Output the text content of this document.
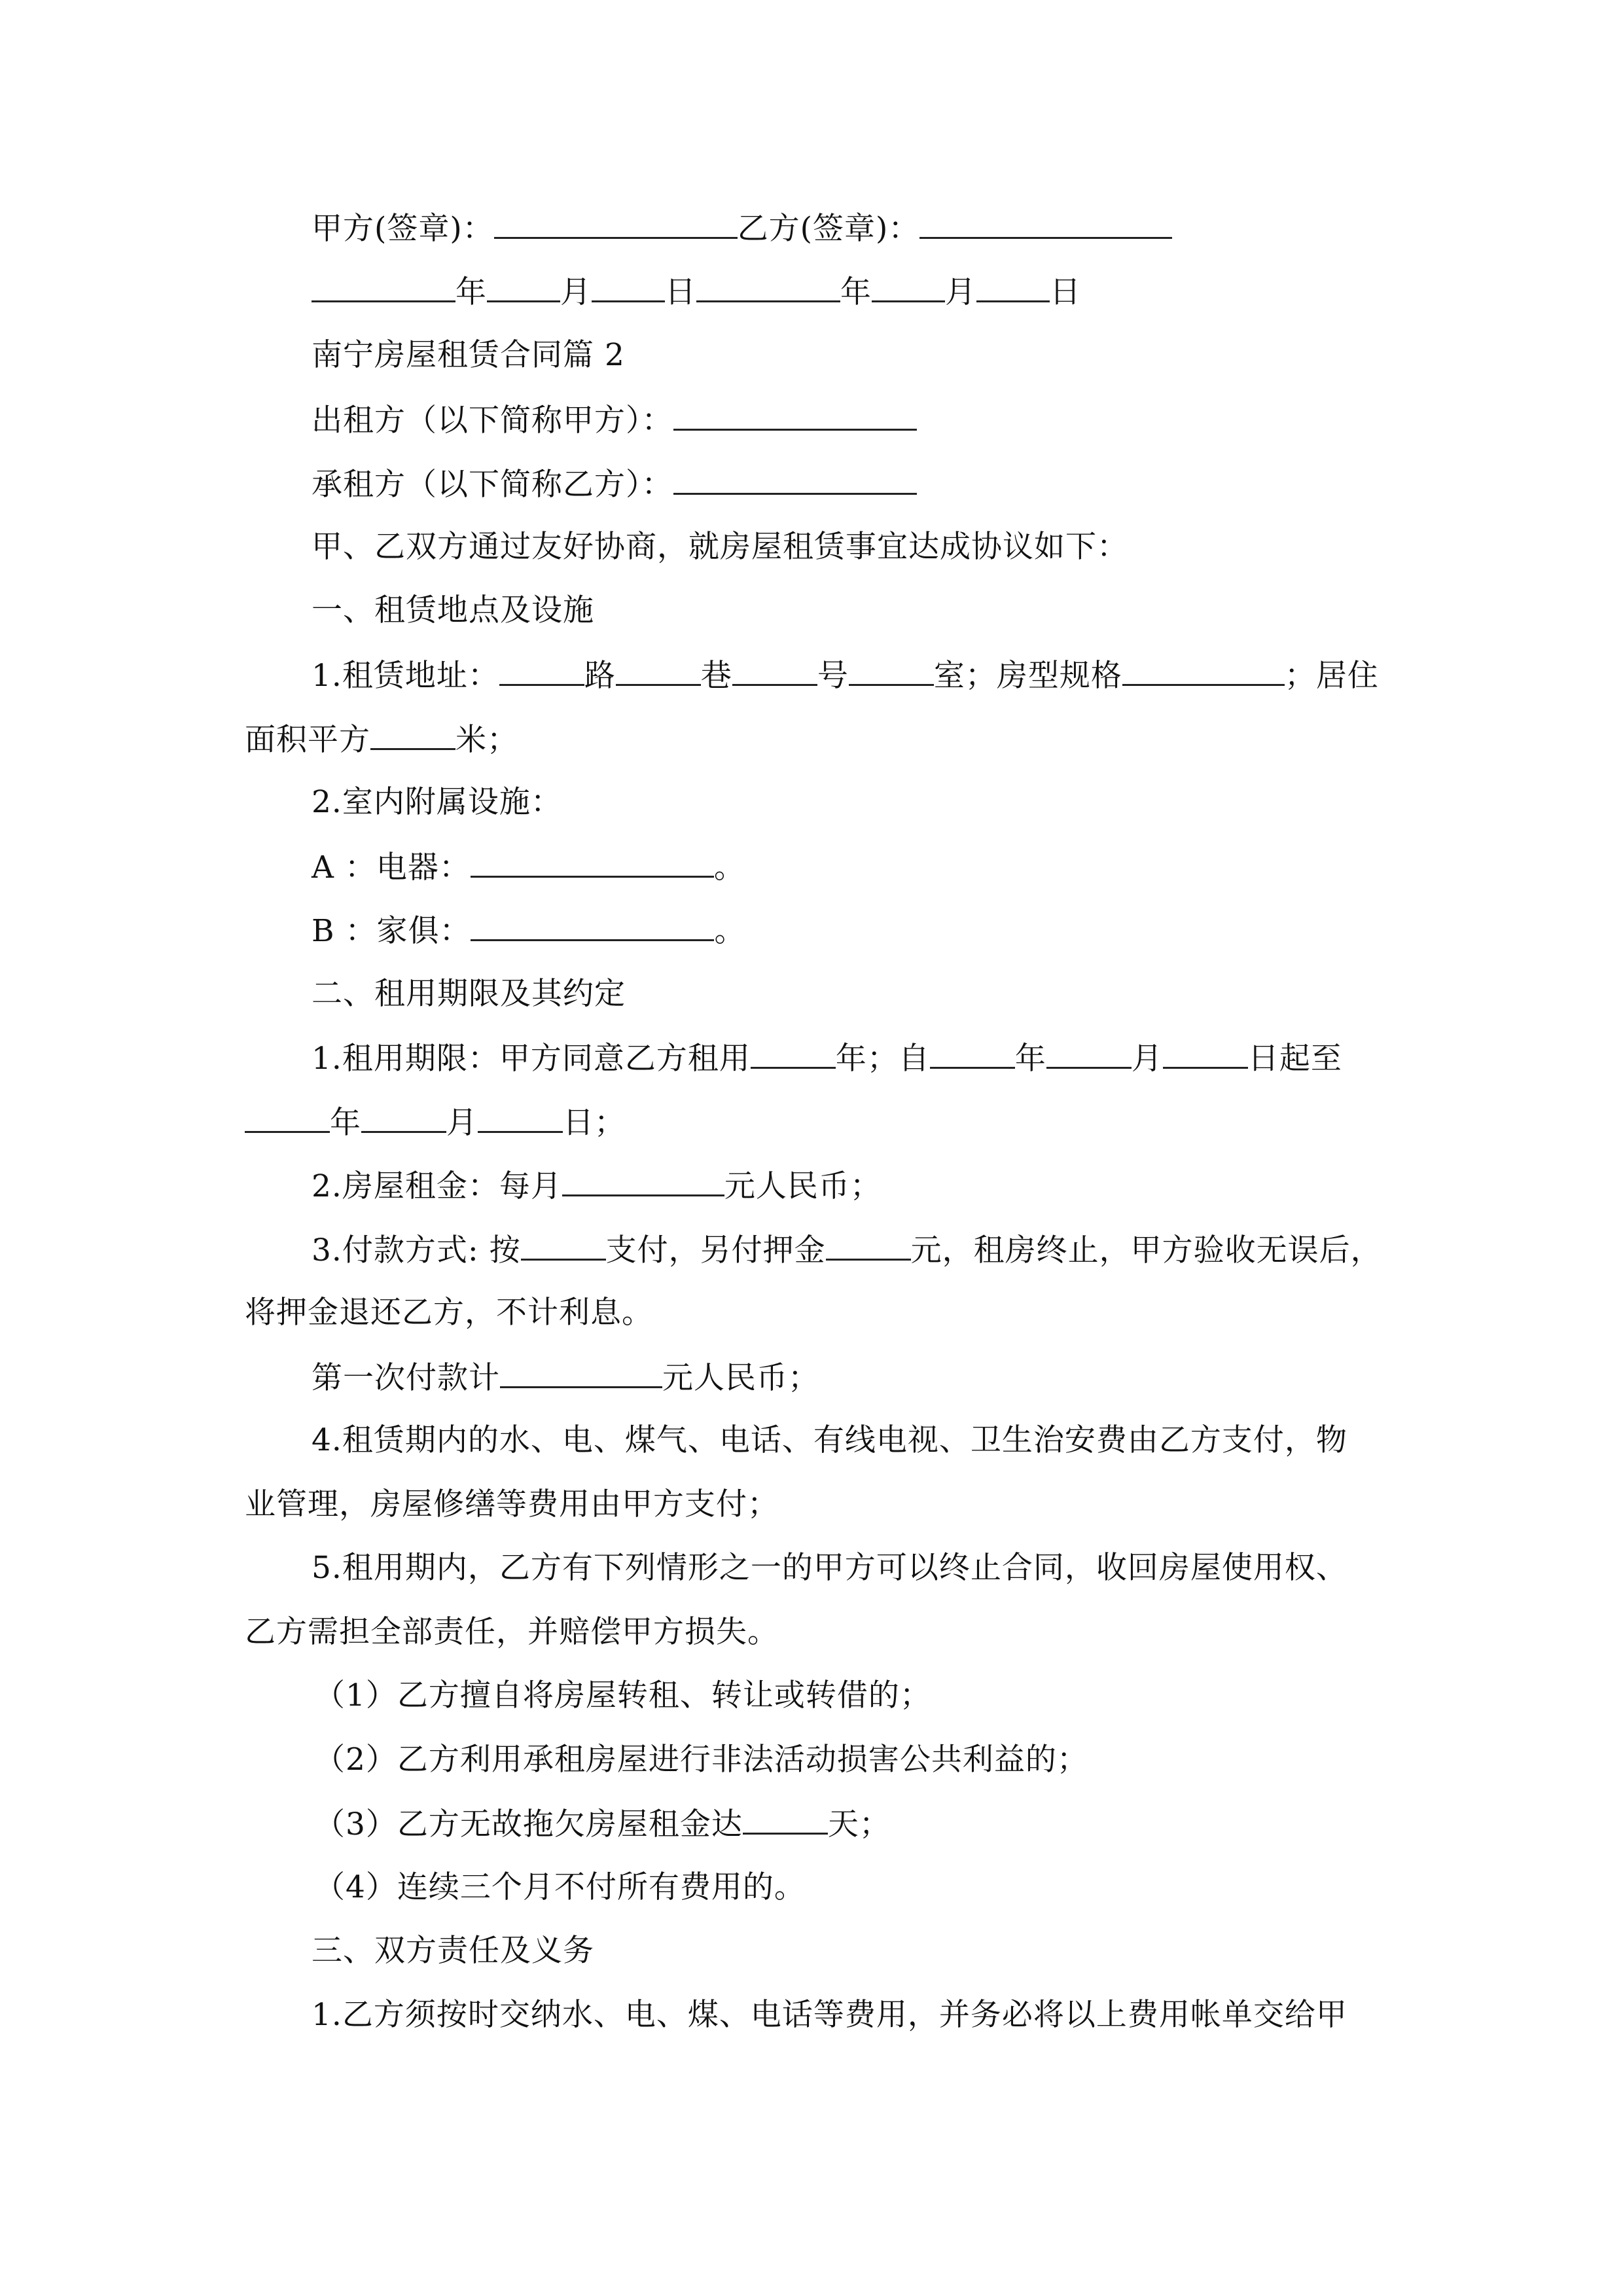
甲方(签章)：	乙方(签章)：
年 月 日	年 月 日
南宁房屋租赁合同篇 2
出租方（以下简称甲方）：
承租方（以下简称乙方）：
甲、乙双方通过友好协商，就房屋租赁事宜达成协议如下：
一、租赁地点及设施
1.租赁地址：	路	巷	号	室；房型规格	；居住
面积平方	米；
2.室内附属设施：
A ：电器：	。
B ：家俱：	。
二、租用期限及其约定
1.租用期限：甲方同意乙方租用	年；自	年	月	日起至
年	月	日；
2.房屋租金：每月	元人民币；
3.付款方式: 按	支付，另付押金	元，租房终止，甲方验收无误后，
将押金退还乙方，不计利息。
第一次付款计	元人民币；
4.租赁期内的水、电、煤气、电话、有线电视、卫生治安费由乙方支付，物
业管理，房屋修缮等费用由甲方支付；
5.租用期内，乙方有下列情形之一的甲方可以终止合同，收回房屋使用权、
乙方需担全部责任，并赔偿甲方损失。
（1）乙方擅自将房屋转租、转让或转借的；
（2）乙方利用承租房屋进行非法活动损害公共利益的；
（3）乙方无故拖欠房屋租金达	天；
（4）连续三个月不付所有费用的。
三、双方责任及义务
1.乙方须按时交纳水、电、煤、电话等费用，并务必将以上费用帐单交给甲
